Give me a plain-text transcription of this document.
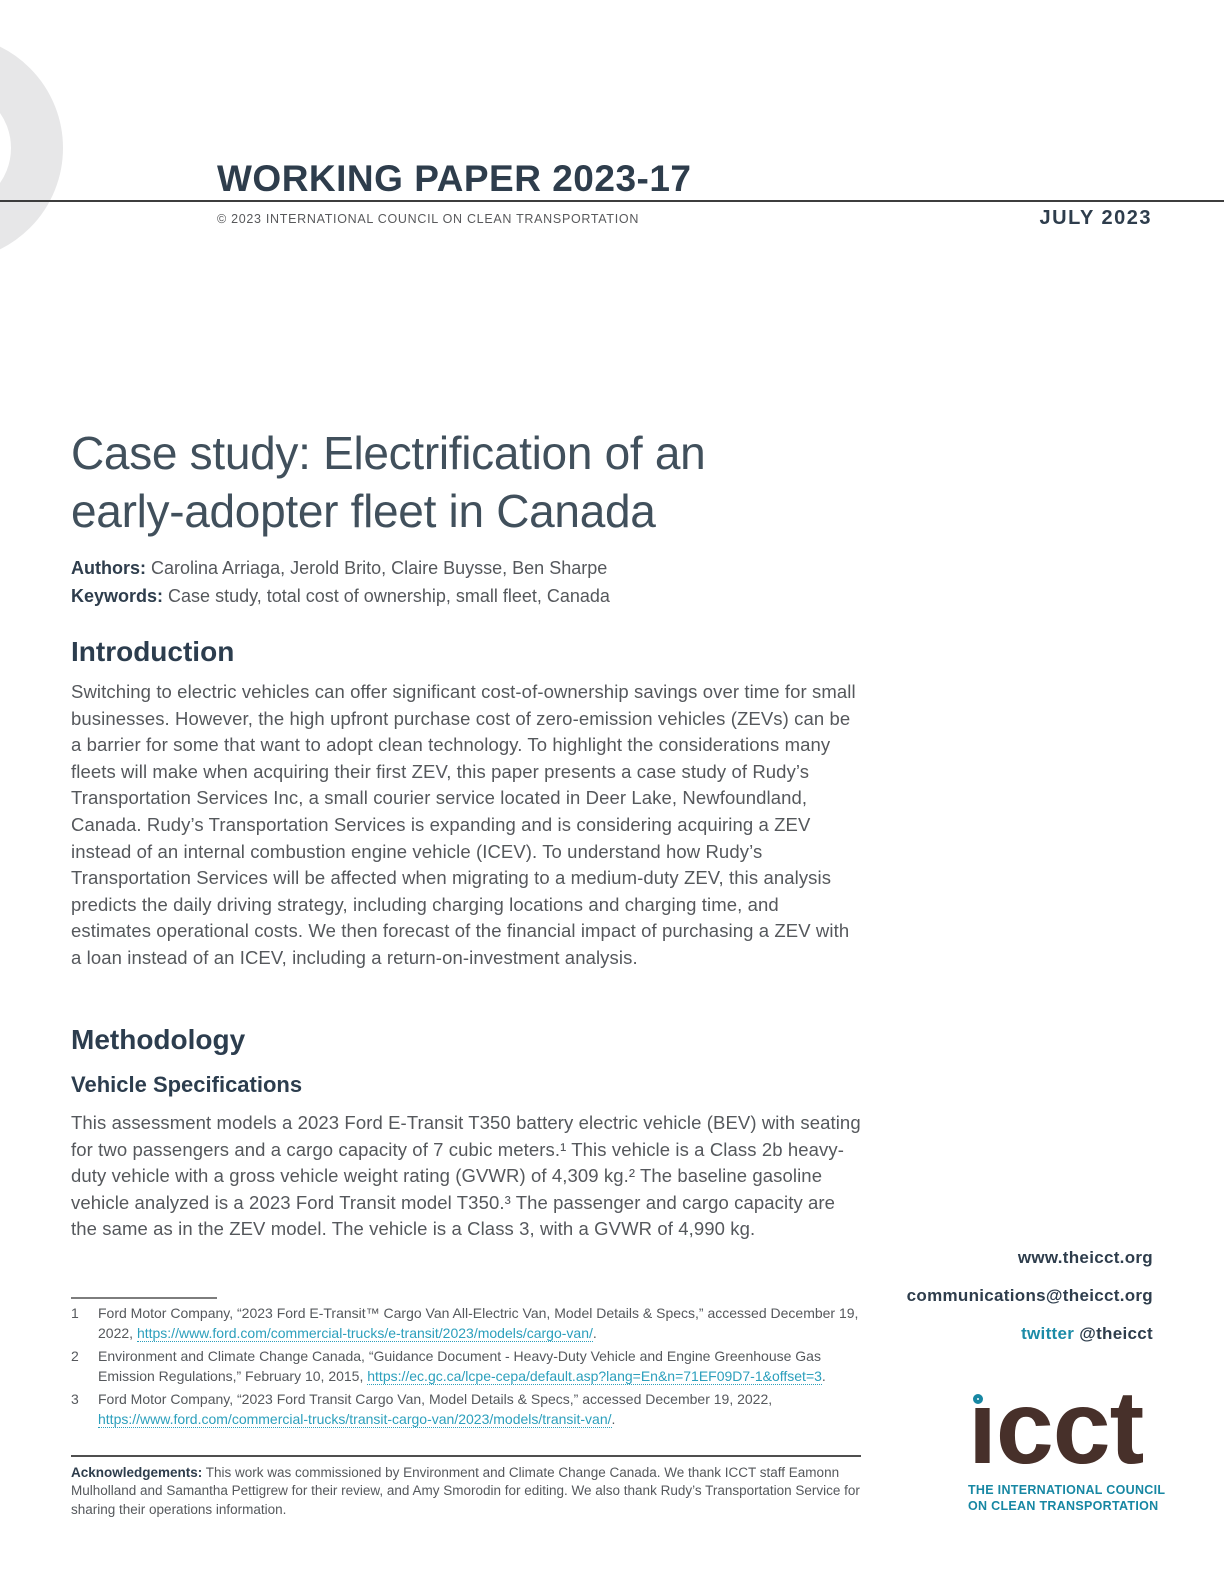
WORKING PAPER 2023-17
© 2023 INTERNATIONAL COUNCIL ON CLEAN TRANSPORTATION	JULY 2023
Case study: Electrification of an
early-adopter fleet in Canada
Authors: Carolina Arriaga, Jerold Brito, Claire Buysse, Ben Sharpe
Keywords: Case study, total cost of ownership, small fleet, Canada
Introduction

Switching to electric vehicles can offer significant cost-of-ownership savings over time for small businesses. However, the high upfront purchase cost of zero-emission vehicles (ZEVs) can be a barrier for some that want to adopt clean technology. To highlight the considerations many fleets will make when acquiring their first ZEV, this paper presents a case study of Rudy’s Transportation Services Inc, a small courier service located in Deer Lake, Newfoundland, Canada. Rudy’s Transportation Services is expanding and is considering acquiring a ZEV instead of an internal combustion engine vehicle (ICEV). To understand how Rudy’s Transportation Services will be affected when migrating to a medium-duty ZEV, this analysis predicts the daily driving strategy, including charging locations and charging time, and estimates operational costs. We then forecast of the financial impact of purchasing a ZEV with a loan instead of an ICEV, including a return-on-investment analysis.

Methodology
Vehicle Specifications

This assessment models a 2023 Ford E-Transit T350 battery electric vehicle (BEV) with seating for two passengers and a cargo capacity of 7 cubic meters.¹ This vehicle is a Class 2b heavy-duty vehicle with a gross vehicle weight rating (GVWR) of 4,309 kg.² The baseline gasoline vehicle analyzed is a 2023 Ford Transit model T350.³ The passenger and cargo capacity are the same as in the ZEV model. The vehicle is a Class 3, with a GVWR of 4,990 kg.

1	Ford Motor Company, “2023 Ford E-Transit™ Cargo Van All-Electric Van, Model Details & Specs,” accessed December 19, 2022, https://www.ford.com/commercial-trucks/e-transit/2023/models/cargo-van/.
2	Environment and Climate Change Canada, “Guidance Document - Heavy-Duty Vehicle and Engine Greenhouse Gas Emission Regulations,” February 10, 2015, https://ec.gc.ca/lcpe-cepa/default.asp?lang=En&n=71EF09D7-1&offset=3.
3	Ford Motor Company, “2023 Ford Transit Cargo Van, Model Details & Specs,” accessed December 19, 2022, https://www.ford.com/commercial-trucks/transit-cargo-van/2023/models/transit-van/.

Acknowledgements: This work was commissioned by Environment and Climate Change Canada. We thank ICCT staff Eamonn Mulholland and Samantha Pettigrew for their review, and Amy Smorodin for editing. We also thank Rudy’s Transportation Service for sharing their operations information.

www.theicct.org
communications@theicct.org
twitter @theicct
ıcct
THE INTERNATIONAL COUNCIL
ON CLEAN TRANSPORTATION
